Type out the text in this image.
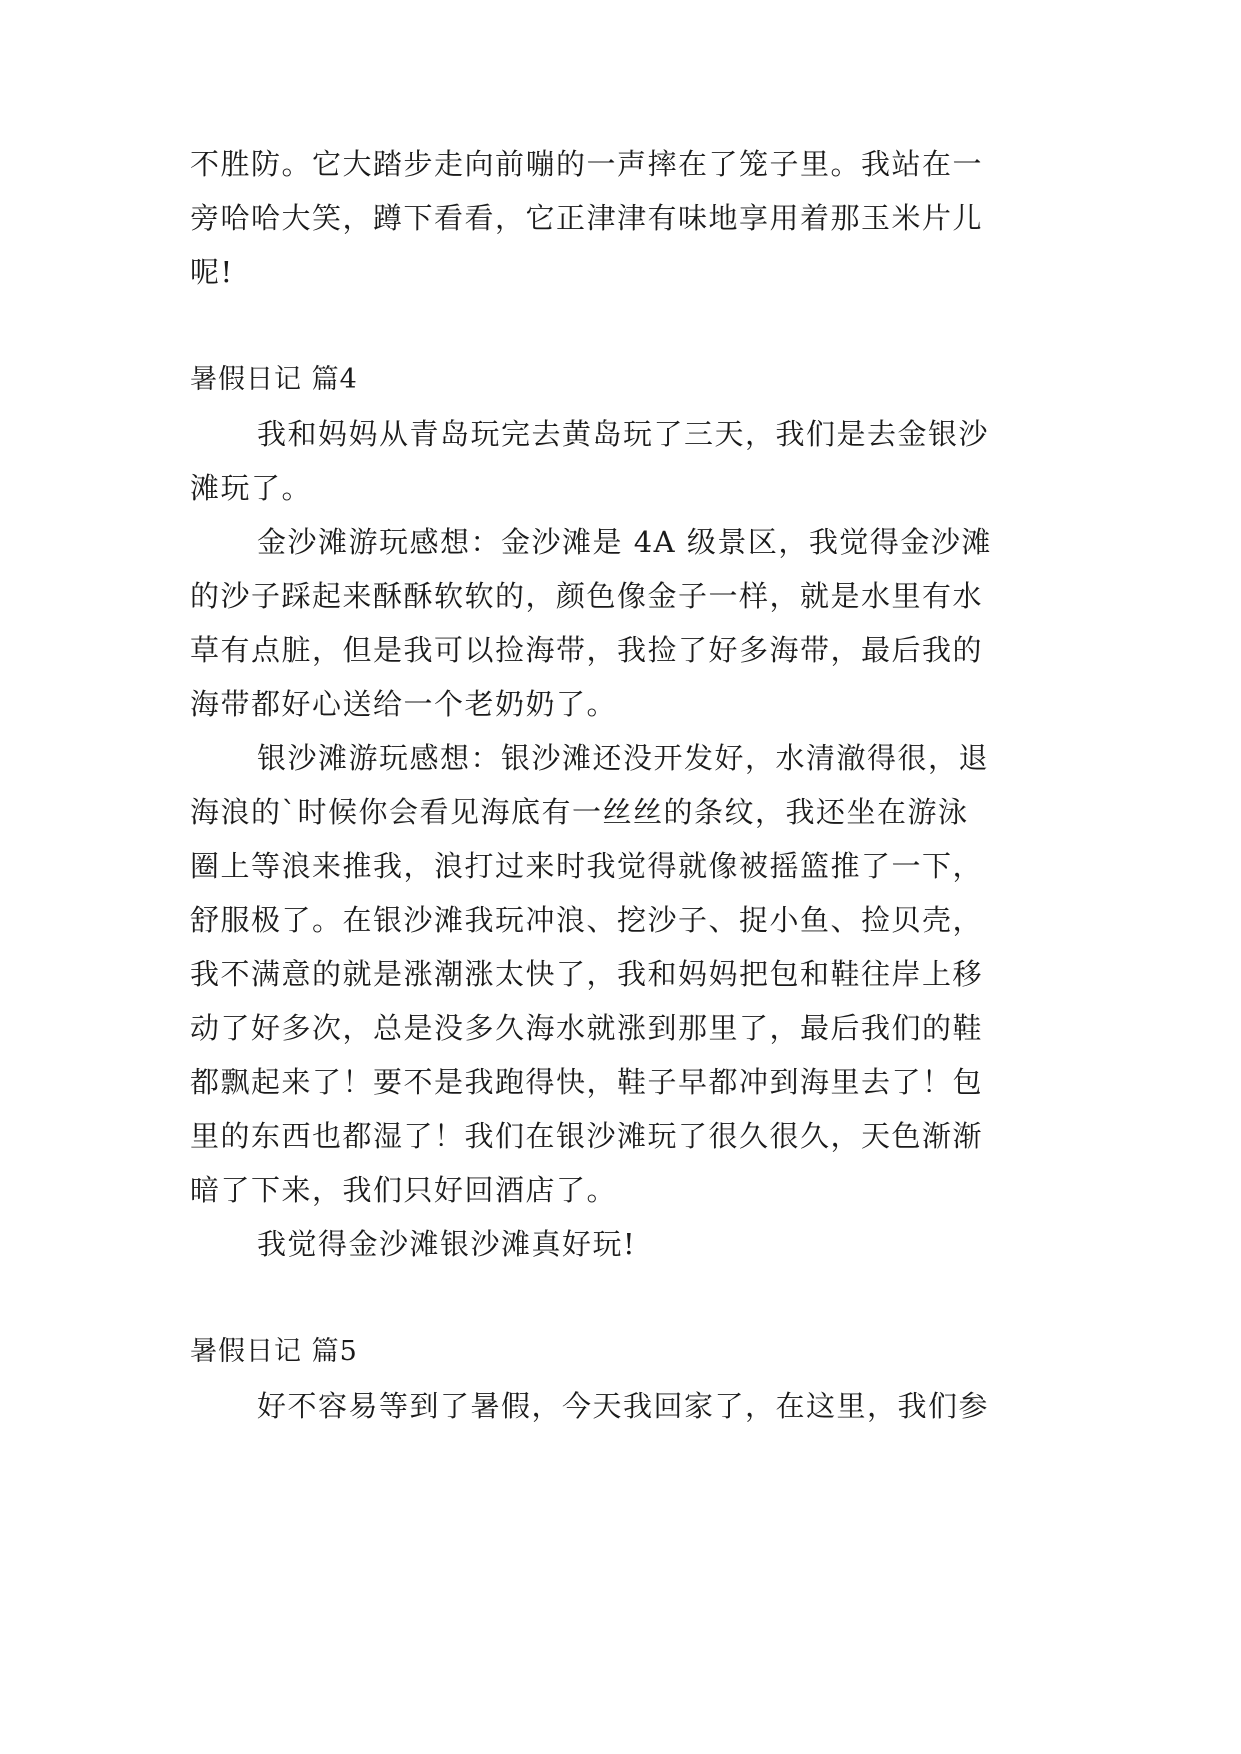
不胜防。它大踏步走向前嘣的一声摔在了笼子里。我站在一
旁哈哈大笑，蹲下看看，它正津津有味地享用着那玉米片儿
呢!
暑假日记 篇4
我和妈妈从青岛玩完去黄岛玩了三天，我们是去金银沙
滩玩了。
金沙滩游玩感想：金沙滩是 4A 级景区，我觉得金沙滩
的沙子踩起来酥酥软软的，颜色像金子一样，就是水里有水
草有点脏，但是我可以捡海带，我捡了好多海带，最后我的
海带都好心送给一个老奶奶了。
银沙滩游玩感想：银沙滩还没开发好，水清澈得很，退
海浪的`时候你会看见海底有一丝丝的条纹，我还坐在游泳
圈上等浪来推我，浪打过来时我觉得就像被摇篮推了一下，
舒服极了。在银沙滩我玩冲浪、挖沙子、捉小鱼、捡贝壳，
我不满意的就是涨潮涨太快了，我和妈妈把包和鞋往岸上移
动了好多次，总是没多久海水就涨到那里了，最后我们的鞋
都飘起来了！要不是我跑得快，鞋子早都冲到海里去了！包
里的东西也都湿了！我们在银沙滩玩了很久很久，天色渐渐
暗了下来，我们只好回酒店了。
我觉得金沙滩银沙滩真好玩!
暑假日记 篇5
好不容易等到了暑假，今天我回家了，在这里，我们参
